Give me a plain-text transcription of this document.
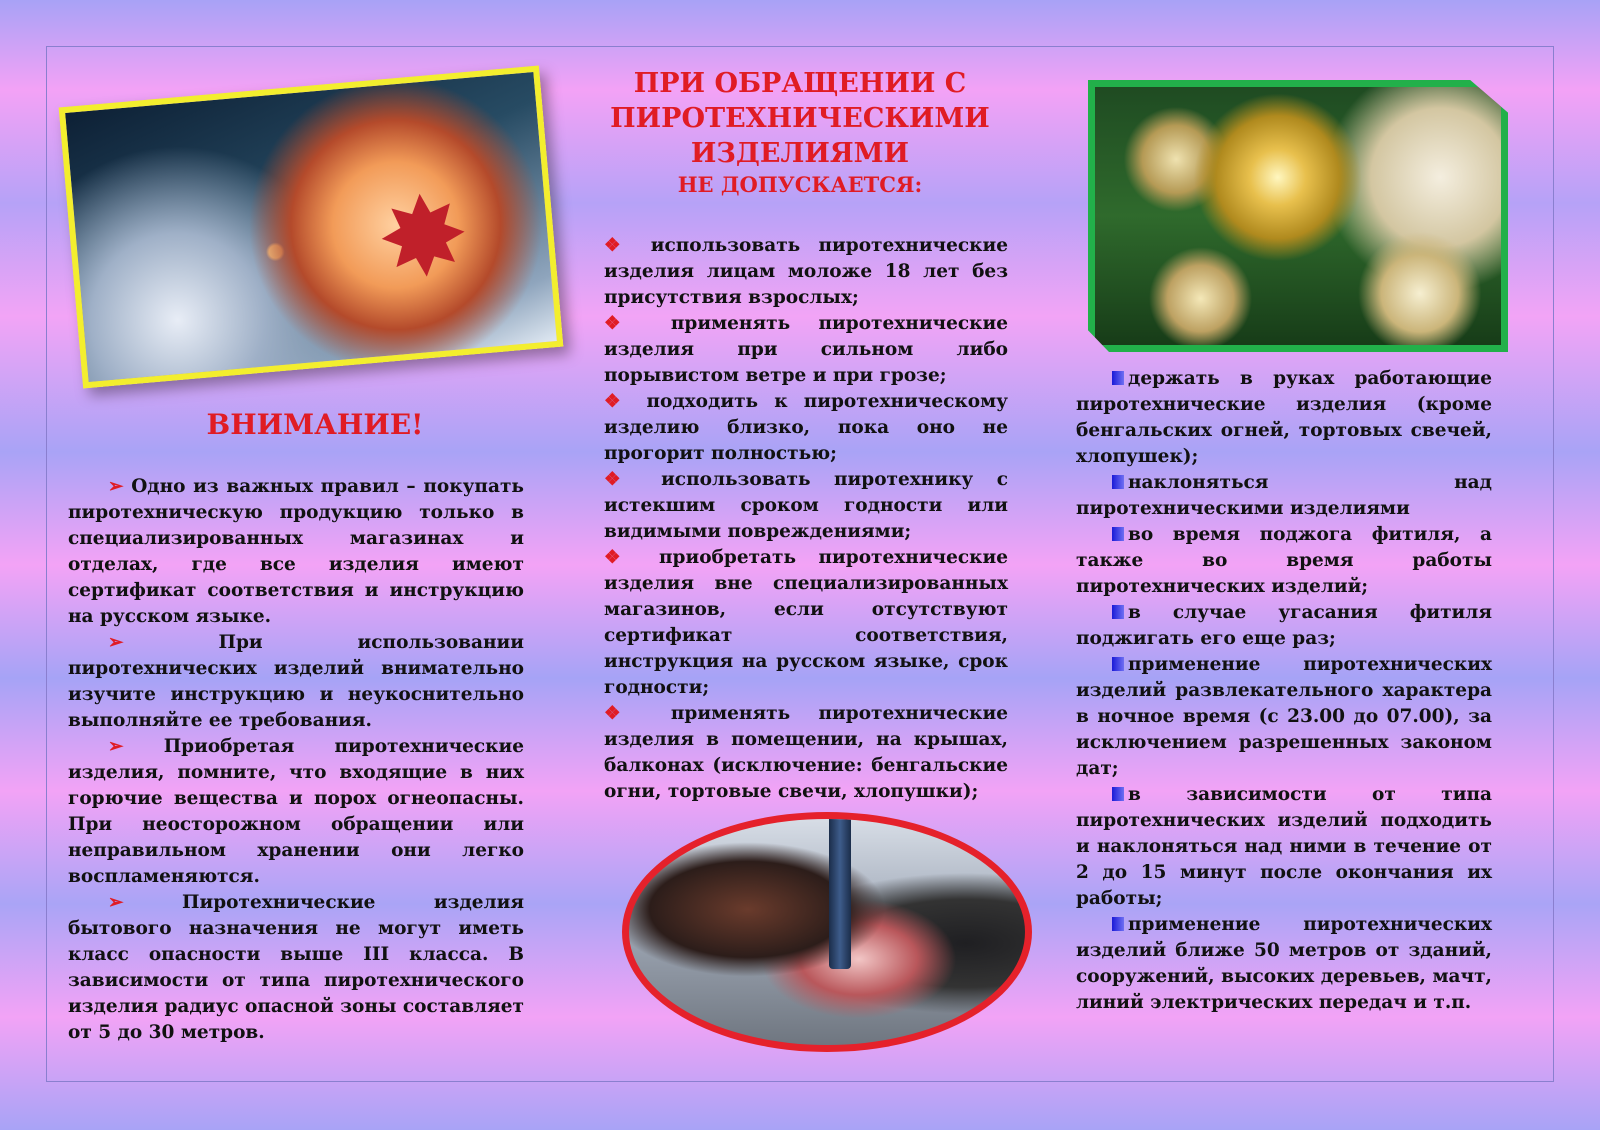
✸
ВНИМАНИЕ!

➢ Одно из важных правил – покупать пиротехническую продукцию только в специализированных магазинах и отделах, где все изделия имеют сертификат соответствия и инструкцию на русском языке.

➢	При использовании пиротехнических изделий внимательно изучите инструкцию и неукоснительно выполняйте ее требования.

➢ Приобретая пиротехнические изделия, помните, что входящие в них горючие вещества и порох огнеопасны. При неосторожном обращении или неправильном хранении они легко воспламеняются.

➢	Пиротехнические изделия бытового назначения не могут иметь класс опасности выше III класса. В зависимости от типа пиротехнического изделия радиус опасной зоны составляет от 5 до 30 метров.

ПРИ ОБРАЩЕНИИ С ПИРОТЕХНИЧЕСКИМИ ИЗДЕЛИЯМИ
НЕ ДОПУСКАЕТСЯ:

❖ использовать пиротехнические изделия лицам моложе 18 лет без присутствия взрослых;

❖ применять пиротехнические изделия при сильном либо порывистом ветре и при грозе;

❖ подходить к пиротехническому изделию близко, пока оно не прогорит полностью;

❖ использовать пиротехнику с истекшим сроком годности или видимыми повреждениями;

❖ приобретать пиротехнические изделия вне специализированных магазинов, если отсутствуют сертификат соответствия, инструкция на русском языке, срок годности;

❖ применять пиротехнические изделия в помещении, на крышах, балконах (исключение: бенгальские огни, тортовые свечи, хлопушки);

держать в руках работающие пиротехнические изделия (кроме бенгальских огней, тортовых свечей, хлопушек);

наклоняться над пиротехническими изделиями

во время поджога фитиля, а также во время работы пиротехнических изделий;

в случае угасания фитиля поджигать его еще раз;

применение пиротехнических изделий развлекательного характера в ночное время (с 23.00 до 07.00), за исключением разрешенных законом дат;

в зависимости от типа пиротехнических изделий подходить и наклоняться над ними в течение от 2 до 15 минут после окончания их работы;

применение пиротехнических изделий ближе 50 метров от зданий, сооружений, высоких деревьев, мачт, линий электрических передач и т.п.
